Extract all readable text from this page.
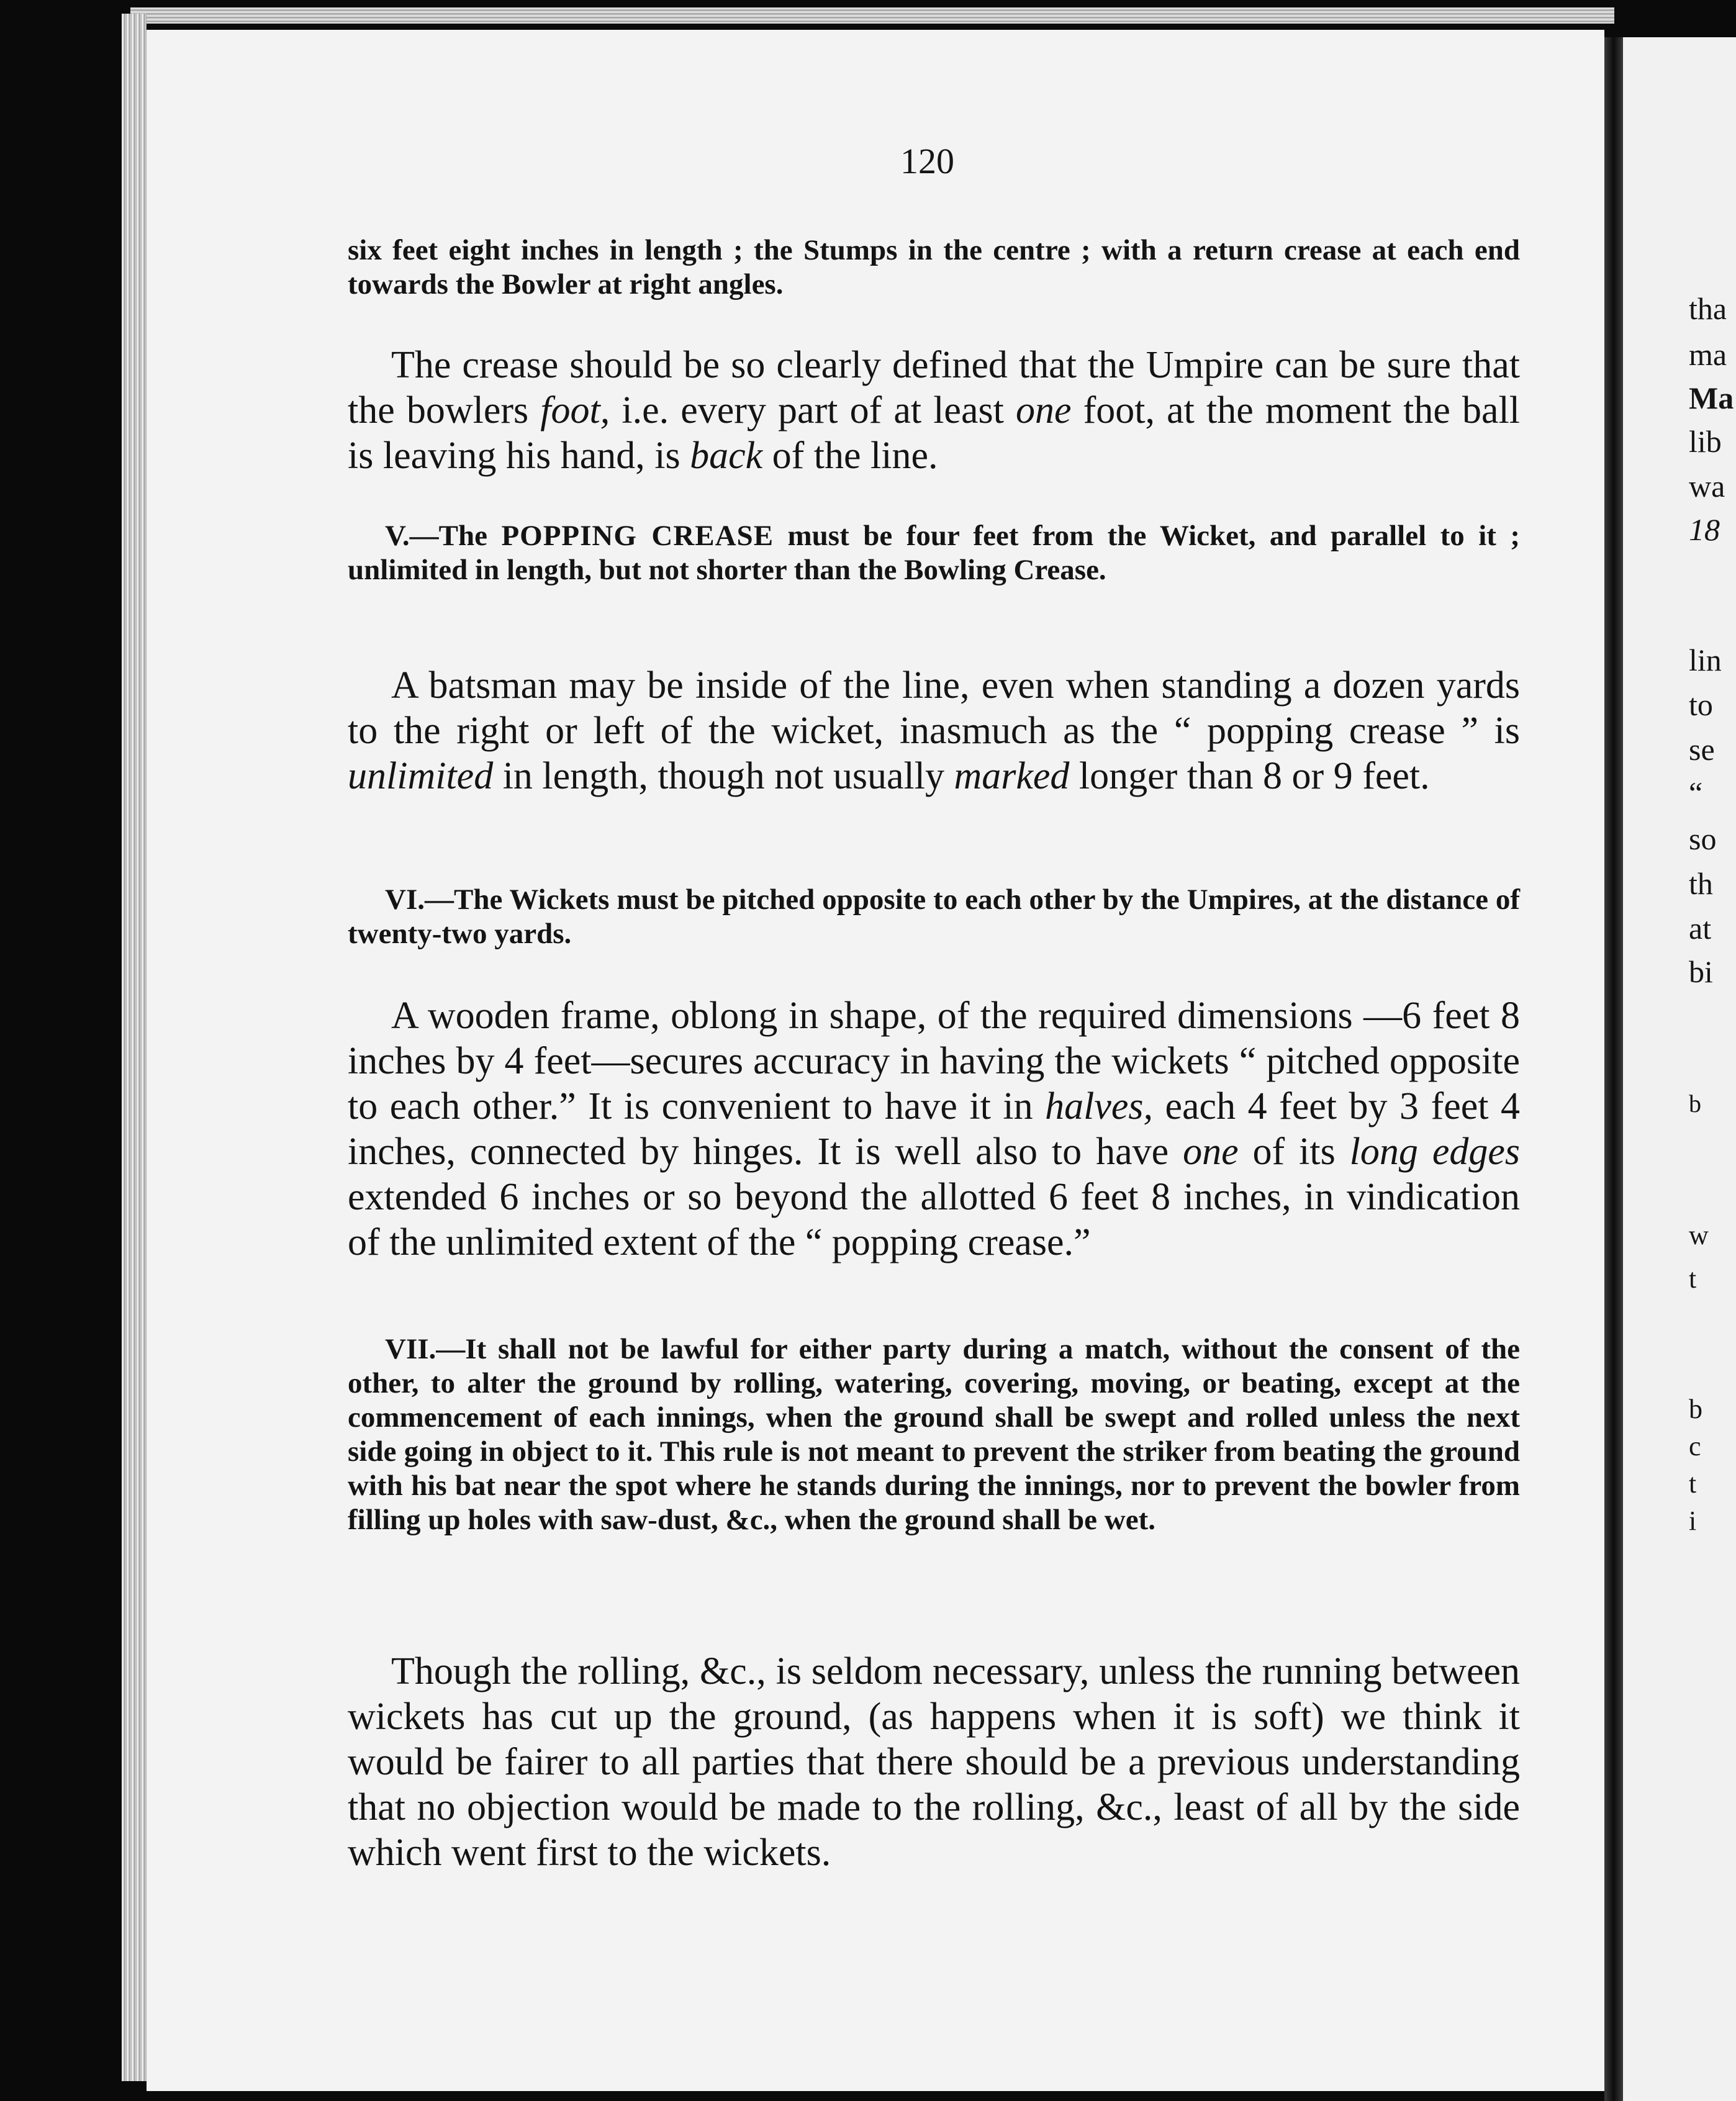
120
six feet eight inches in length ; the Stumps in the centre ; with a return crease at each end towards the Bowler at right angles.
The crease should be so clearly defined that the Umpire can be sure that the bowlers foot, i.e. every part of at least one foot, at the moment the ball is leaving his hand, is back of the line.
V.—The POPPING CREASE must be four feet from the Wicket, and parallel to it ; unlimited in length, but not shorter than the Bowling Crease.
A batsman may be inside of the line, even when standing a dozen yards to the right or left of the wicket, inasmuch as the “ popping crease ” is unlimited in length, though not usually marked longer than 8 or 9 feet.
VI.—The Wickets must be pitched opposite to each other by the Umpires, at the distance of twenty-two yards.
A wooden frame, oblong in shape, of the required dimensions —6 feet 8 inches by 4 feet—secures accuracy in having the wickets “ pitched opposite to each other.” It is convenient to have it in halves, each 4 feet by 3 feet 4 inches, connected by hinges. It is well also to have one of its long edges extended 6 inches or so beyond the allotted 6 feet 8 inches, in vindication of the unlimited extent of the “ popping crease.”
VII.—It shall not be lawful for either party during a match, without the consent of the other, to alter the ground by rolling, watering, covering, moving, or beating, except at the commencement of each innings, when the ground shall be swept and rolled unless the next side going in object to it. This rule is not meant to prevent the striker from beating the ground with his bat near the spot where he stands during the innings, nor to prevent the bowler from filling up holes with saw-dust, &c., when the ground shall be wet.
Though the rolling, &c., is seldom necessary, unless the running between wickets has cut up the ground, (as happens when it is soft) we think it would be fairer to all parties that there should be a previous understanding that no objection would be made to the rolling, &c., least of all by the side which went first to the wickets.
tha
ma
Ma
lib
wa
18
lin
to
se
“
so
th
at
bi
b
w
t
b
c
t
i
